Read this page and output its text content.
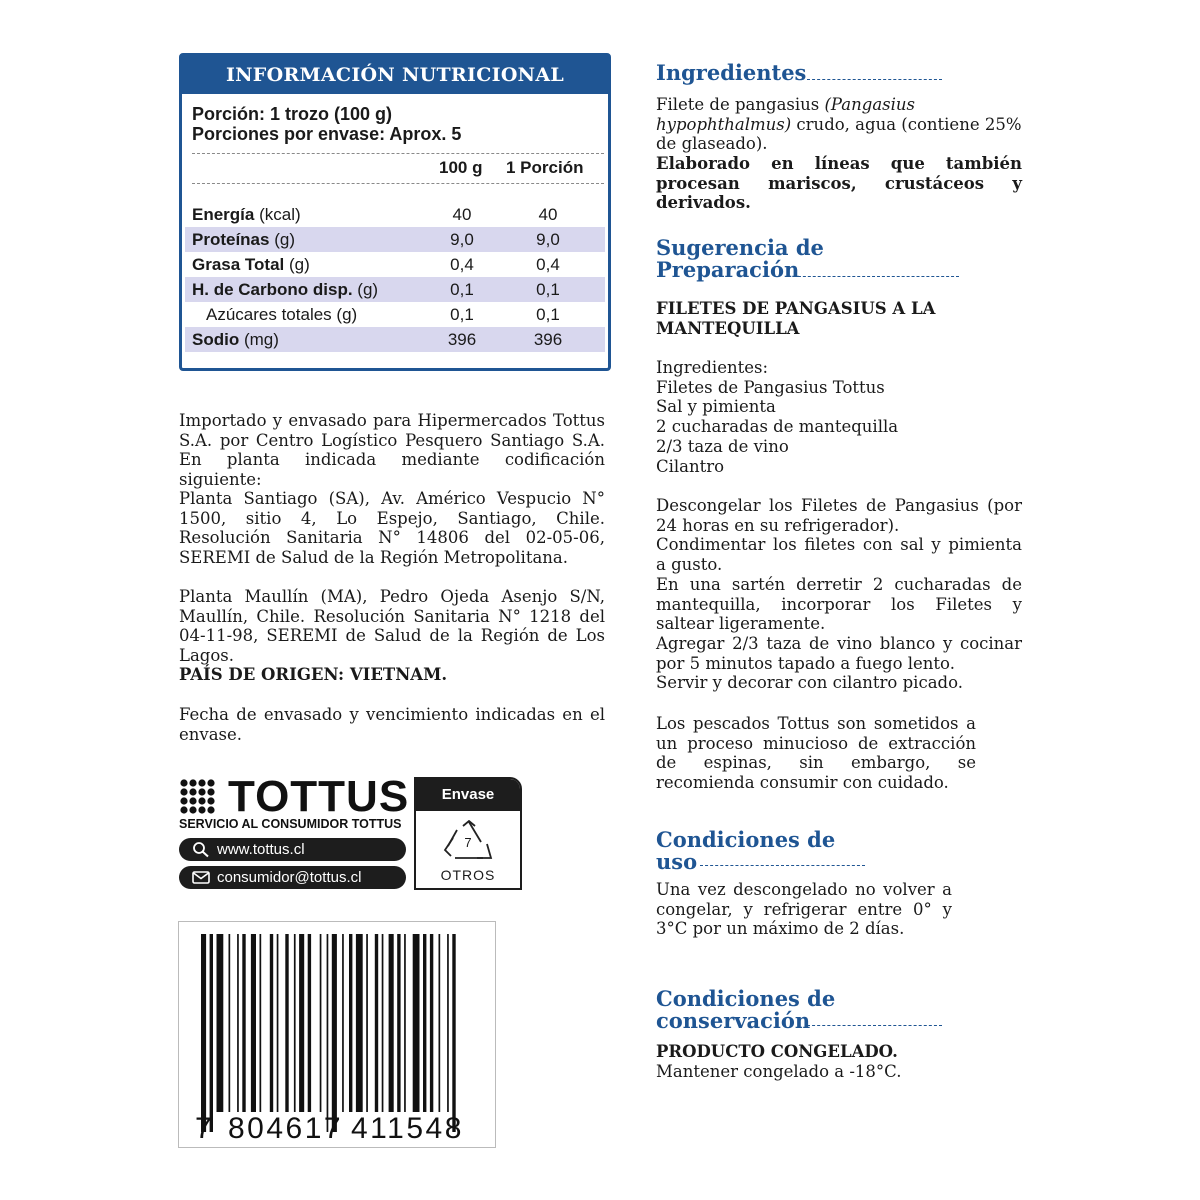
INFORMACIÓN NUTRICIONAL
Porción: 1 trozo (100 g)
Porciones por envase: Aprox. 5
100 g 1 Porción
Energía (kcal)	40	40
Proteínas (g)	9,0	9,0
Grasa Total (g)	0,4	0,4
H. de Carbono disp. (g)	0,1	0,1
Azúcares totales (g)	0,1	0,1
Sodio (mg)	396	396

Importado y envasado para Hipermercados Tottus S.A. por Centro Logístico Pesquero Santiago S.A. En planta indicada mediante codificación siguiente:

Planta Santiago (SA), Av. Américo Vespucio N° 1500, sitio 4, Lo Espejo, Santiago, Chile. Resolución Sanitaria N° 14806 del 02-05-06, SEREMI de Salud de la Región Metropolitana.

Planta Maullín (MA), Pedro Ojeda Asenjo S/N, Maullín, Chile. Resolución Sanitaria N° 1218 del 04-11-98, SEREMI de Salud de la Región de Los Lagos.

PAÍS DE ORIGEN: VIETNAM.
Fecha de envasado y vencimiento indicadas en el envase.
TOTTUS
SERVICIO AL CONSUMIDOR TOTTUS
www.tottus.cl
consumidor@tottus.cl
Envase
7
OTROS
7 804617 411548
Ingredientes
Filete de pangasius (Pangasius hypophthalmus) crudo, agua (contiene 25% de glaseado).
Elaborado en líneas que también procesan mariscos, crustáceos y derivados.
Sugerencia de
Preparación
FILETES DE PANGASIUS A LA
MANTEQUILLA
Ingredientes:
Filetes de Pangasius Tottus
Sal y pimienta
2 cucharadas de mantequilla
2/3 taza de vino
Cilantro

Descongelar los Filetes de Pangasius (por 24 horas en su refrigerador).

Condimentar los filetes con sal y pimienta a gusto.

En una sartén derretir 2 cucharadas de mantequilla, incorporar los Filetes y saltear ligeramente.

Agregar 2/3 taza de vino blanco y cocinar por 5 minutos tapado a fuego lento.

Servir y decorar con cilantro picado.

Los pescados Tottus son sometidos a un proceso minucioso de extracción de espinas, sin embargo, se recomienda consumir con cuidado.
Condiciones de
uso
Una vez descongelado no volver a congelar, y refrigerar entre 0° y 3°C por un máximo de 2 días.
Condiciones de
conservación
PRODUCTO CONGELADO. Mantener congelado a -18°C.
